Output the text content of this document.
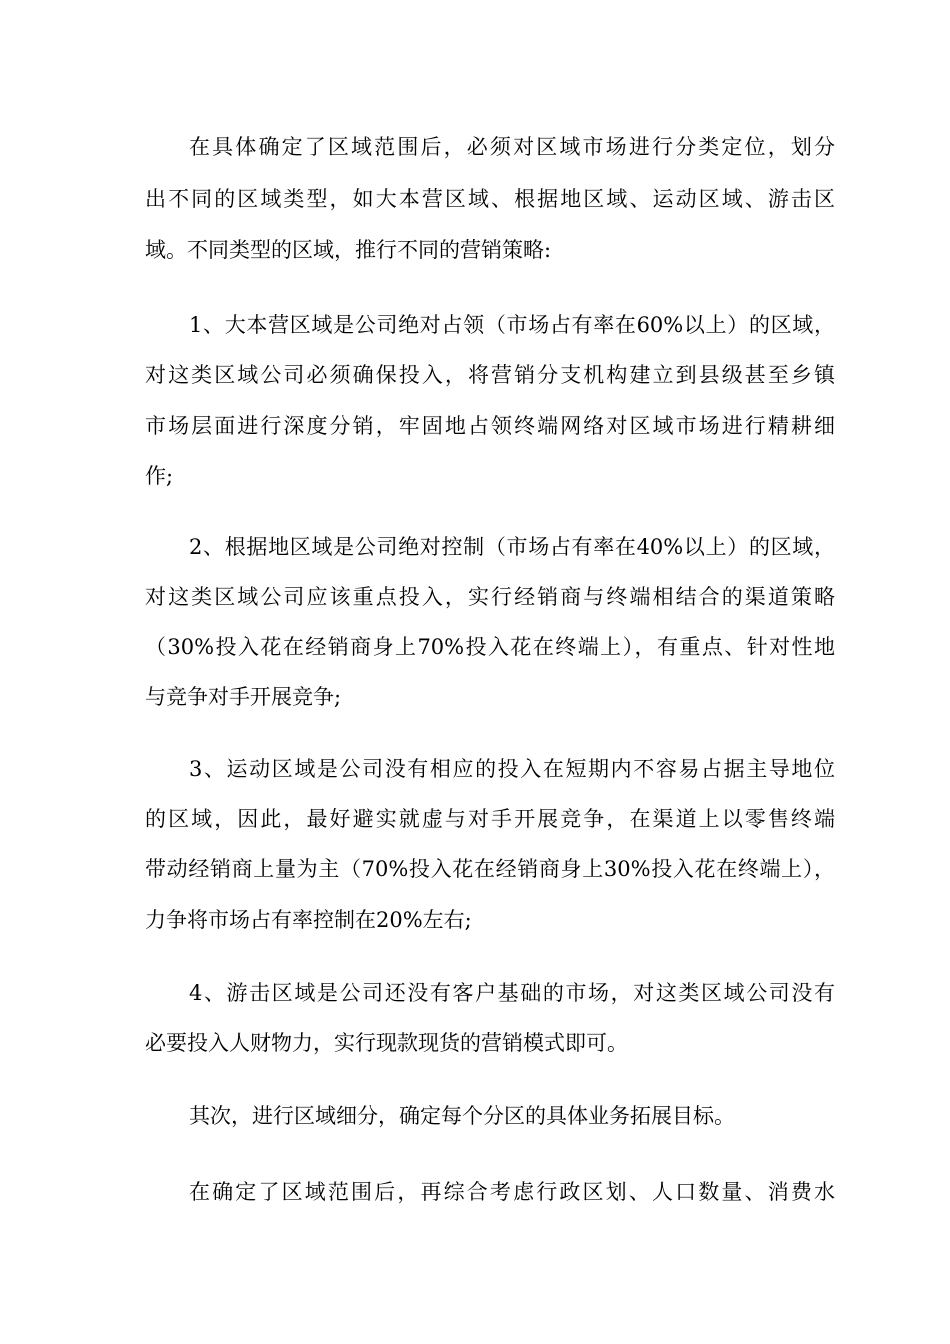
在具体确定了区域范围后，必须对区域市场进行分类定位，划分
出不同的区域类型，如大本营区域、根据地区域、运动区域、游击区
域。不同类型的区域，推行不同的营销策略:
1、大本营区域是公司绝对占领（市场占有率在60%以上）的区域，
对这类区域公司必须确保投入，将营销分支机构建立到县级甚至乡镇
市场层面进行深度分销，牢固地占领终端网络对区域市场进行精耕细
作;
2、根据地区域是公司绝对控制（市场占有率在40%以上）的区域，
对这类区域公司应该重点投入，实行经销商与终端相结合的渠道策略
（30%投入花在经销商身上70%投入花在终端上），有重点、针对性地
与竞争对手开展竞争;
3、运动区域是公司没有相应的投入在短期内不容易占据主导地位
的区域，因此，最好避实就虚与对手开展竞争，在渠道上以零售终端
带动经销商上量为主（70%投入花在经销商身上30%投入花在终端上），
力争将市场占有率控制在20%左右;
4、游击区域是公司还没有客户基础的市场，对这类区域公司没有
必要投入人财物力，实行现款现货的营销模式即可。
其次，进行区域细分，确定每个分区的具体业务拓展目标。
在确定了区域范围后，再综合考虑行政区划、人口数量、消费水
